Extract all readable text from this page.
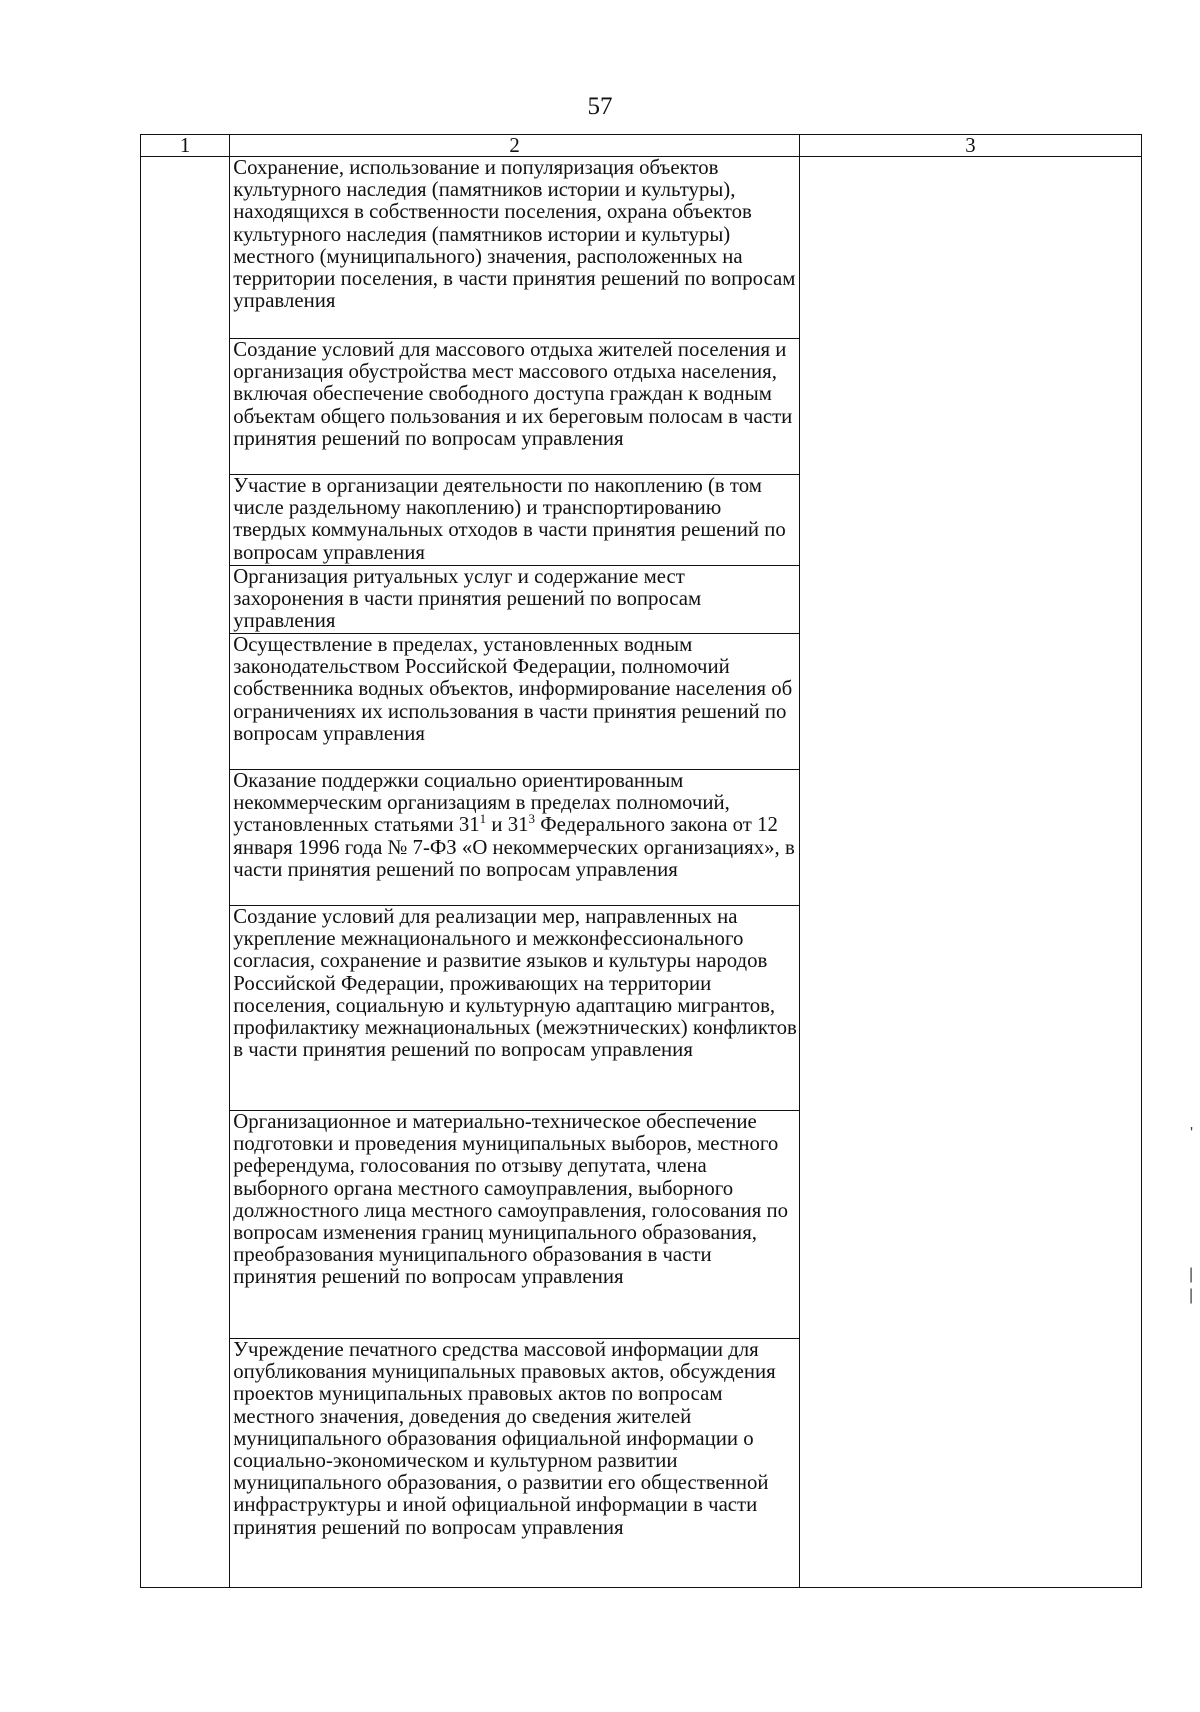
57
1	2	3
	Сохранение, использование и популяризация объектов культурного наследия (памятников истории и культуры), находящихся в собственности поселения, охрана объектов культурного наследия (памятников истории и культуры) местного (муниципального) значения, расположенных на территории поселения, в части принятия решений по вопросам управления	
	Создание условий для массового отдыха жителей поселения и организация обустройства мест массового отдыха населения, включая обеспечение свободного доступа граждан к водным объектам общего пользования и их береговым полосам в части принятия решений по вопросам управления	
	Участие в организации деятельности по накоплению (в том числе раздельному накоплению) и транспортированию твердых коммунальных отходов в части принятия решений по вопросам управления	
	Организация ритуальных услуг и содержание мест захоронения в части принятия решений по вопросам управления	
	Осуществление в пределах, установленных водным законодательством Российской Федерации, полномочий собственника водных объектов, информирование населения об ограничениях их использования в части принятия решений по вопросам управления	
	Оказание поддержки социально ориентированным некоммерческим организациям в пределах полномочий, установленных статьями $31^1$ и $31^3$ Федерального закона от 12 января 1996 года № 7-ФЗ «О некоммерческих организациях», в части принятия решений по вопросам управления	
	Создание условий для реализации мер, направленных на укрепление межнационального и межконфессионального согласия, сохранение и развитие языков и культуры народов Российской Федерации, проживающих на территории поселения, социальную и культурную адаптацию мигрантов, профилактику межнациональных (межэтнических) конфликтов в части принятия решений по вопросам управления	
	Организационное и материально-техническое обеспечение подготовки и проведения муниципальных выборов, местного референдума, голосования по отзыву депутата, члена выборного органа местного самоуправления, выборного должностного лица местного самоуправления, голосования по вопросам изменения границ муниципального образования, преобразования муниципального образования в части принятия решений по вопросам управления	
	Учреждение печатного средства массовой информации для опубликования муниципальных правовых актов, обсуждения проектов муниципальных правовых актов по вопросам местного значения, доведения до сведения жителей муниципального образования официальной информации о социально-экономическом и культурном развитии муниципального образования, о развитии его общественной инфраструктуры и иной официальной информации в части принятия решений по вопросам управления	
'
|
|
